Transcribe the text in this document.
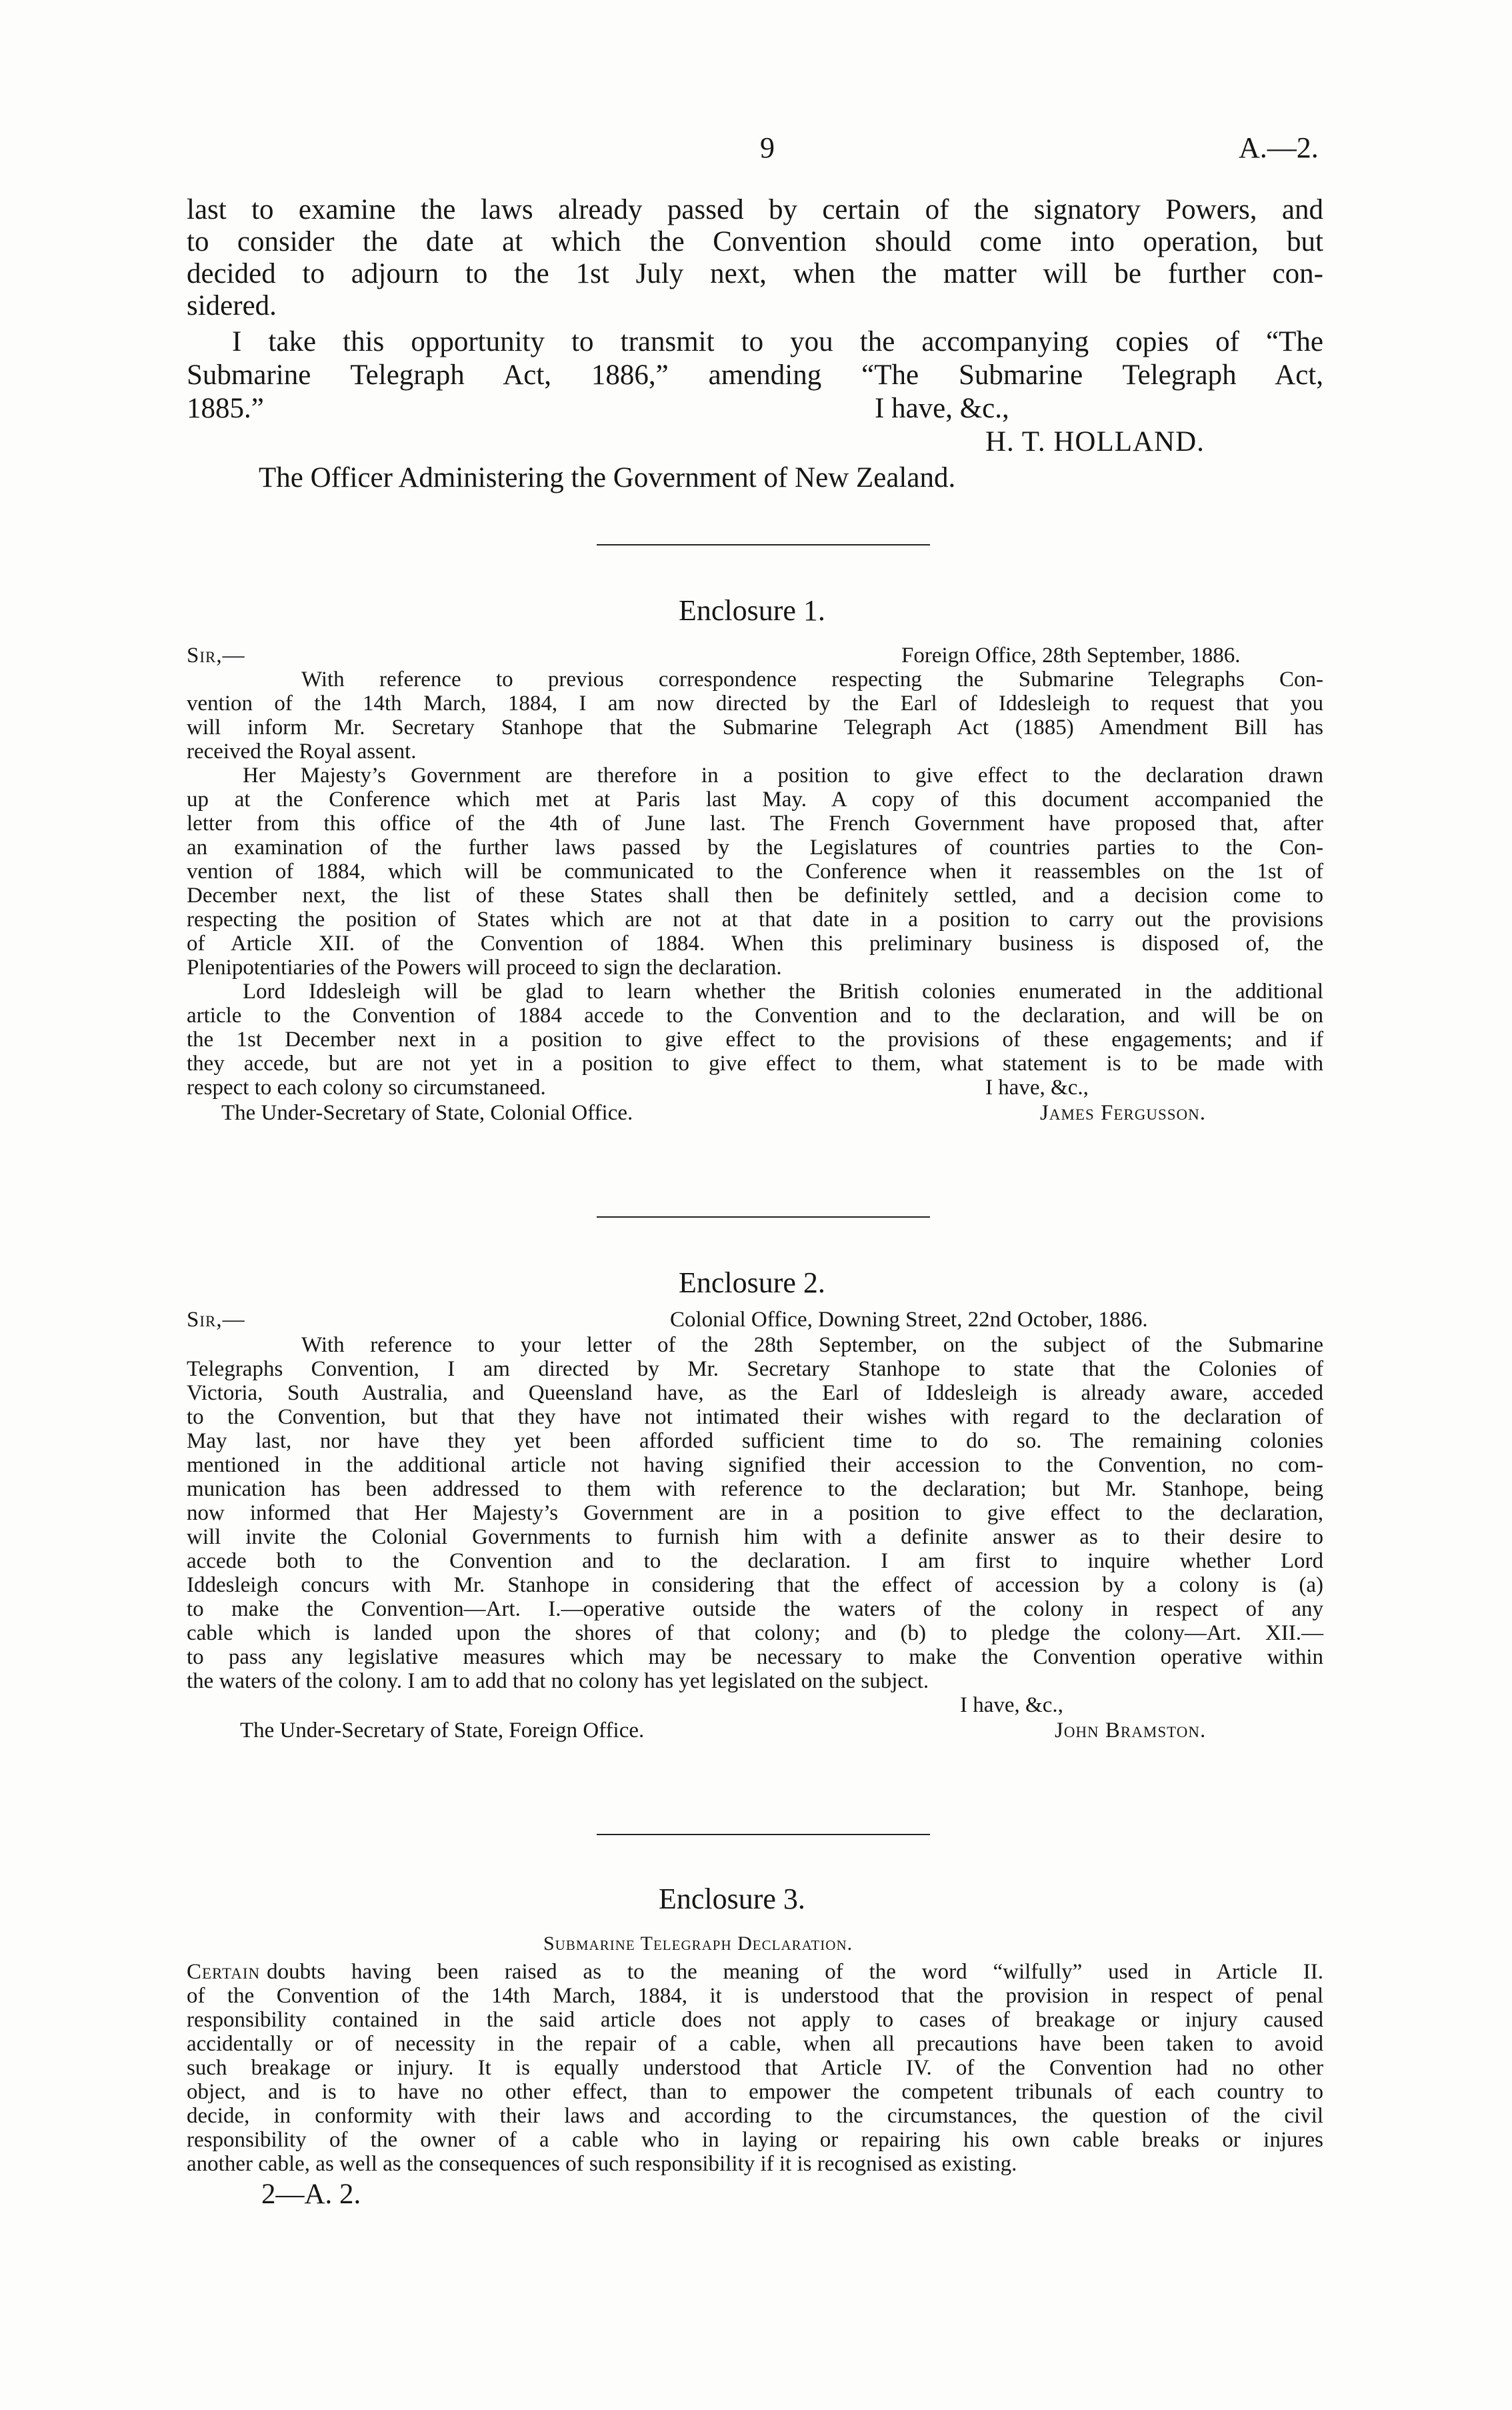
9	A.—2.
last to examine the laws already passed by certain of the signatory Powers, and
to consider the date at which the Convention should come into operation, but
decided to adjourn to the 1st July next, when the matter will be further con-
sidered.
I take this opportunity to transmit to you the accompanying copies of “The
Submarine Telegraph Act, 1886,” amending “The Submarine Telegraph Act,
1885.”	I have, &c.,
H. T. HOLLAND.
The Officer Administering the Government of New Zealand.
Enclosure 1.
Sir,—	Foreign Office, 28th September, 1886.
With reference to previous correspondence respecting the Submarine Telegraphs Con-
vention of the 14th March, 1884, I am now directed by the Earl of Iddesleigh to request that you
will inform Mr. Secretary Stanhope that the Submarine Telegraph Act (1885) Amendment Bill has
received the Royal assent.
Her Majesty’s Government are therefore in a position to give effect to the declaration drawn
up at the Conference which met at Paris last May. A copy of this document accompanied the
letter from this office of the 4th of June last. The French Government have proposed that, after
an examination of the further laws passed by the Legislatures of countries parties to the Con-
vention of 1884, which will be communicated to the Conference when it reassembles on the 1st of
December next, the list of these States shall then be definitely settled, and a decision come to
respecting the position of States which are not at that date in a position to carry out the provisions
of Article XII. of the Convention of 1884. When this preliminary business is disposed of, the
Plenipotentiaries of the Powers will proceed to sign the declaration.
Lord Iddesleigh will be glad to learn whether the British colonies enumerated in the additional
article to the Convention of 1884 accede to the Convention and to the declaration, and will be on
the 1st December next in a position to give effect to the provisions of these engagements; and if
they accede, but are not yet in a position to give effect to them, what statement is to be made with
respect to each colony so circumstaneed.	I have, &c.,
The Under-Secretary of State, Colonial Office.	James Fergusson.
Enclosure 2.
Sir,—	Colonial Office, Downing Street, 22nd October, 1886.
With reference to your letter of the 28th September, on the subject of the Submarine
Telegraphs Convention, I am directed by Mr. Secretary Stanhope to state that the Colonies of
Victoria, South Australia, and Queensland have, as the Earl of Iddesleigh is already aware, acceded
to the Convention, but that they have not intimated their wishes with regard to the declaration of
May last, nor have they yet been afforded sufficient time to do so. The remaining colonies
mentioned in the additional article not having signified their accession to the Convention, no com-
munication has been addressed to them with reference to the declaration; but Mr. Stanhope, being
now informed that Her Majesty’s Government are in a position to give effect to the declaration,
will invite the Colonial Governments to furnish him with a definite answer as to their desire to
accede both to the Convention and to the declaration. I am first to inquire whether Lord
Iddesleigh concurs with Mr. Stanhope in considering that the effect of accession by a colony is (a)
to make the Convention—Art. I.—operative outside the waters of the colony in respect of any
cable which is landed upon the shores of that colony; and (b) to pledge the colony—Art. XII.—
to pass any legislative measures which may be necessary to make the Convention operative within
the waters of the colony. I am to add that no colony has yet legislated on the subject.
I have, &c.,
The Under-Secretary of State, Foreign Office.	John Bramston.
Enclosure 3.
Submarine Telegraph Declaration.
Certain doubts having been raised as to the meaning of the word “wilfully” used in Article II.
of the Convention of the 14th March, 1884, it is understood that the provision in respect of penal
responsibility contained in the said article does not apply to cases of breakage or injury caused
accidentally or of necessity in the repair of a cable, when all precautions have been taken to avoid
such breakage or injury. It is equally understood that Article IV. of the Convention had no other
object, and is to have no other effect, than to empower the competent tribunals of each country to
decide, in conformity with their laws and according to the circumstances, the question of the civil
responsibility of the owner of a cable who in laying or repairing his own cable breaks or injures
another cable, as well as the consequences of such responsibility if it is recognised as existing.
2—A. 2.
